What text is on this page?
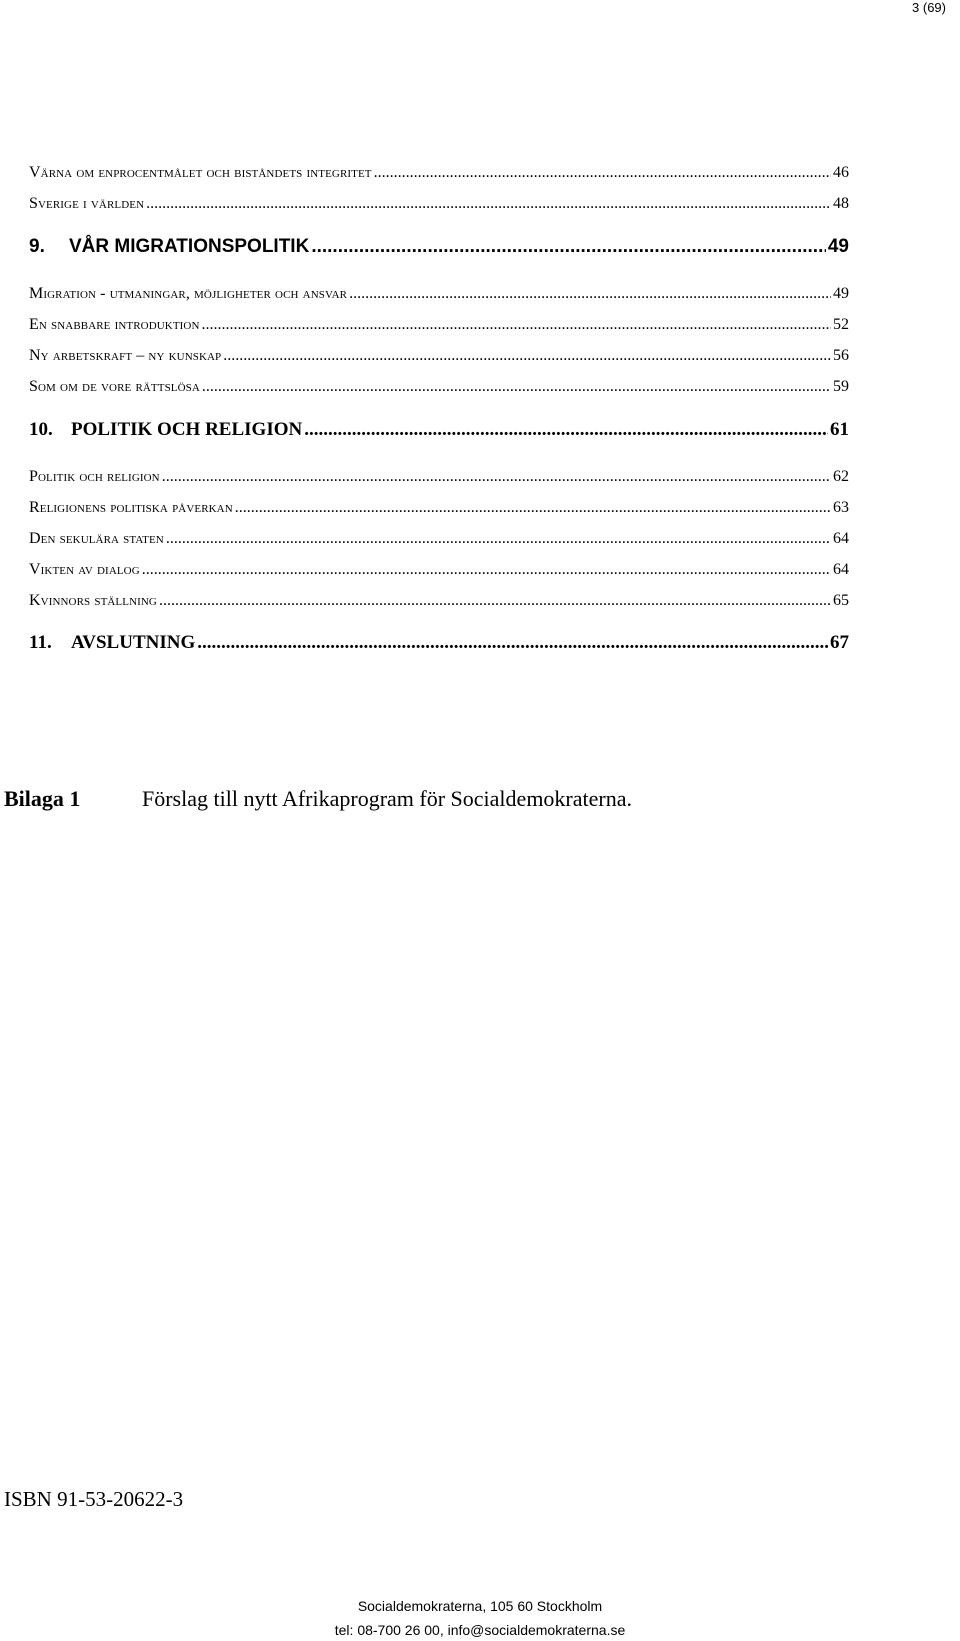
3 (69)
Värna om enprocentmålet och biståndets integritet .....	46
Sverige i världen .....	48
9.	VÅR MIGRATIONSPOLITIK .....	49
Migration - utmaningar, möjligheter och ansvar .....	49
En snabbare introduktion .....	52
Ny arbetskraft – ny kunskap .....	56
Som om de vore rättslösa .....	59
10. POLITIK OCH RELIGION .....	61
Politik och religion .....	62
Religionens politiska påverkan .....	63
Den sekulära staten .....	64
Vikten av dialog .....	64
Kvinnors ställning .....	65
11.	AVSLUTNING .....	67
Bilaga 1	Förslag till nytt Afrikaprogram för Socialdemokraterna.
ISBN 91-53-20622-3
Socialdemokraterna, 105 60 Stockholm
tel: 08-700 26 00, info@socialdemokraterna.se
